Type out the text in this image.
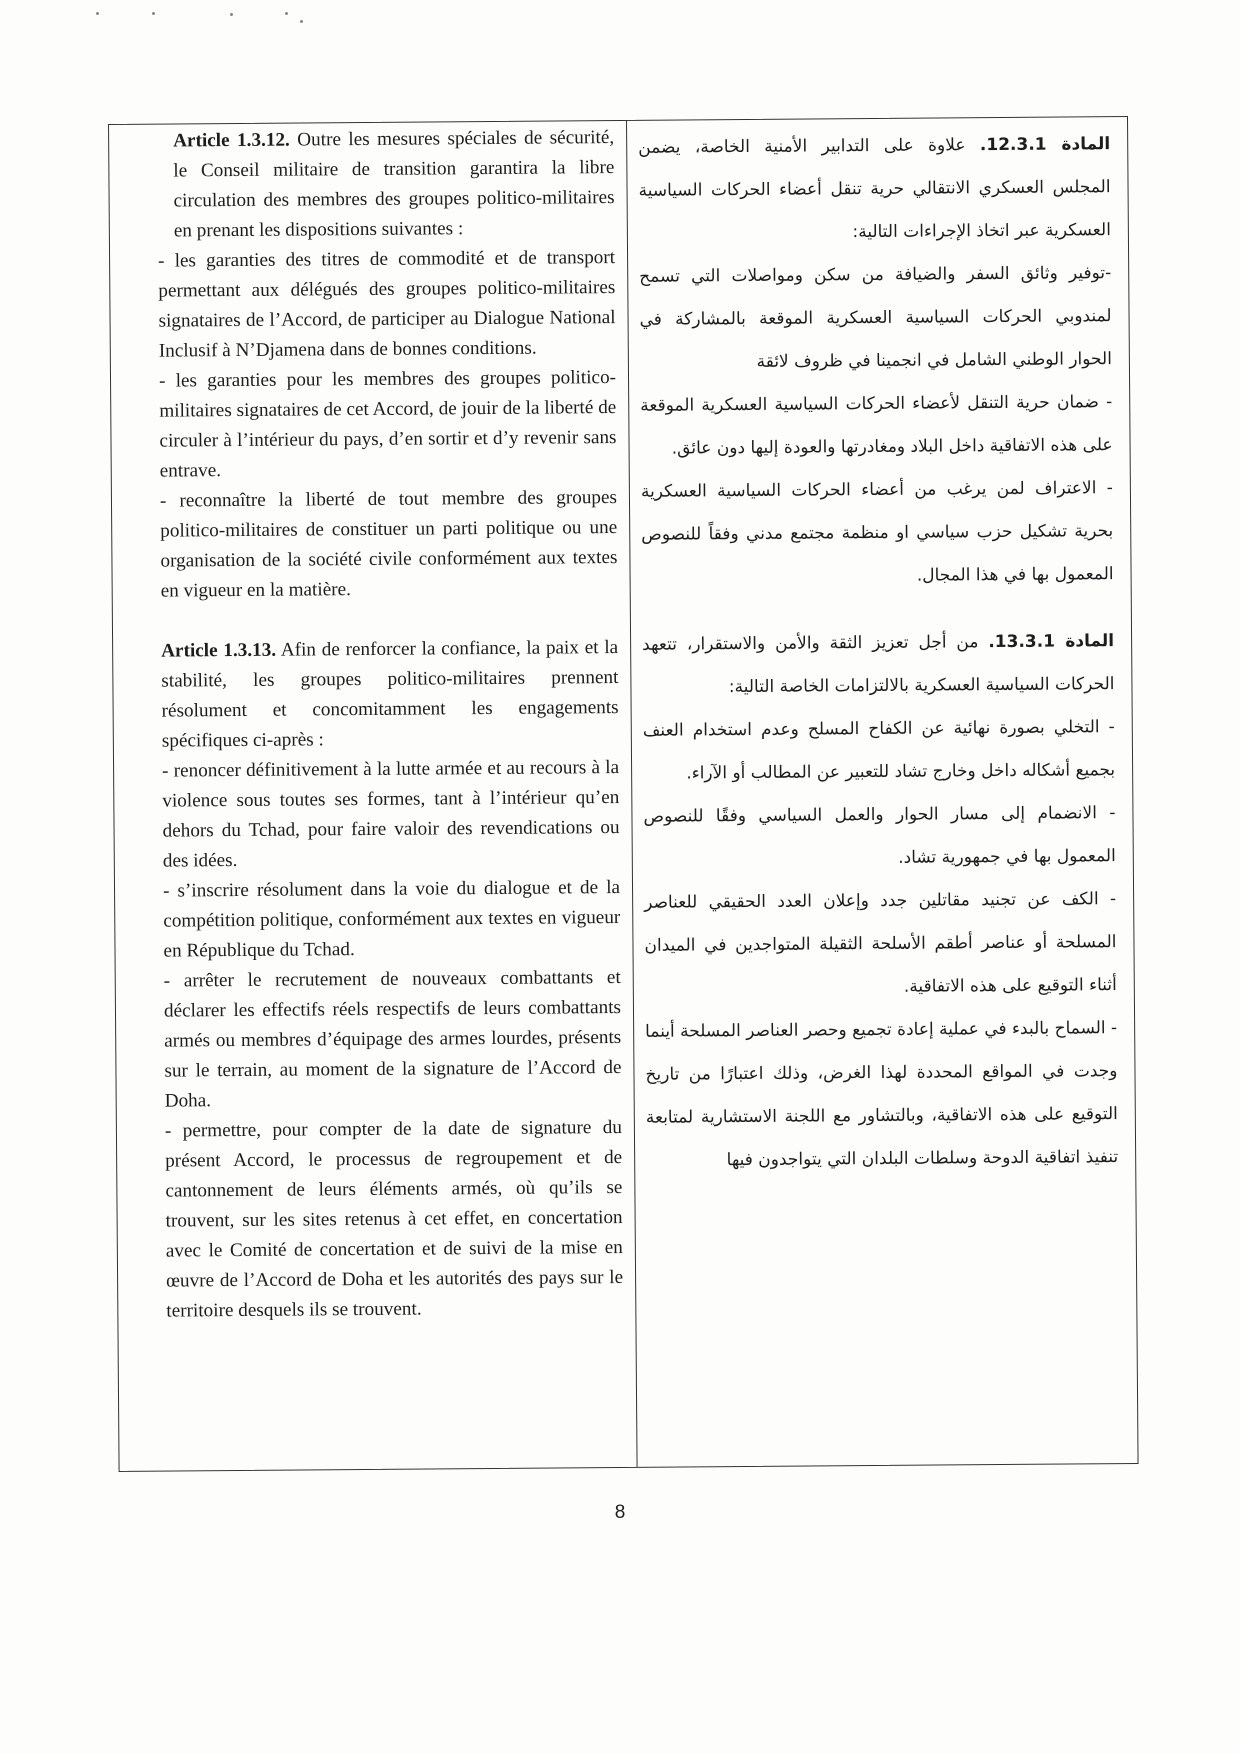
Article 1.3.12. Outre les mesures spéciales de sécurité, le Conseil militaire de transition garantira la libre circulation des membres des groupes politico-militaires en prenant les dispositions suivantes :

- les garanties des titres de commodité et de transport permettant aux délégués des groupes politico-militaires signataires de l’Accord, de participer au Dialogue National Inclusif à N’Djamena dans de bonnes conditions.

- les garanties pour les membres des groupes politico-militaires signataires de cet Accord, de jouir de la liberté de circuler à l’intérieur du pays, d’en sortir et d’y revenir sans entrave.

- reconnaître la liberté de tout membre des groupes politico-militaires de constituer un parti politique ou une organisation de la société civile conformément aux textes en vigueur en la matière.

Article 1.3.13. Afin de renforcer la confiance, la paix et la stabilité, les groupes politico-militaires prennent résolument et concomitamment les engagements spécifiques ci-après :

- renoncer définitivement à la lutte armée et au recours à la violence sous toutes ses formes, tant à l’intérieur qu’en dehors du Tchad, pour faire valoir des revendications ou des idées.

- s’inscrire résolument dans la voie du dialogue et de la compétition politique, conformément aux textes en vigueur en République du Tchad.

- arrêter le recrutement de nouveaux combattants et déclarer les effectifs réels respectifs de leurs combattants armés ou membres d’équipage des armes lourdes, présents sur le terrain, au moment de la signature de l’Accord de Doha.

- permettre, pour compter de la date de signature du présent Accord, le processus de regroupement et de cantonnement de leurs éléments armés, où qu’ils se trouvent, sur les sites retenus à cet effet, en concertation avec le Comité de concertation et de suivi de la mise en œuvre de l’Accord de Doha et les autorités des pays sur le territoire desquels ils se trouvent.

المادة 12.3.1. علاوة على التدابير الأمنية الخاصة، يضمن المجلس العسكري الانتقالي حرية تنقل أعضاء الحركات السياسية العسكرية عبر اتخاذ الإجراءات التالية:

-توفير وثائق السفر والضيافة من سكن ومواصلات التي تسمح لمندوبي الحركات السياسية العسكرية الموقعة بالمشاركة في الحوار الوطني الشامل في انجمينا في ظروف لائقة

- ضمان حرية التنقل لأعضاء الحركات السياسية العسكرية الموقعة على هذه الاتفاقية داخل البلاد ومغادرتها والعودة إليها دون عائق.

- الاعتراف لمن يرغب من أعضاء الحركات السياسية العسكرية بحرية تشكيل حزب سياسي او منظمة مجتمع مدني وفقاً للنصوص المعمول بها في هذا المجال.

المادة 13.3.1. من أجل تعزيز الثقة والأمن والاستقرار، تتعهد الحركات السياسية العسكرية بالالتزامات الخاصة التالية:

- التخلي بصورة نهائية عن الكفاح المسلح وعدم استخدام العنف بجميع أشكاله داخل وخارج تشاد للتعبير عن المطالب أو الآراء.

- الانضمام إلى مسار الحوار والعمل السياسي وفقًا للنصوص المعمول بها في جمهورية تشاد.

- الكف عن تجنيد مقاتلين جدد وإعلان العدد الحقيقي للعناصر المسلحة أو عناصر أطقم الأسلحة الثقيلة المتواجدين في الميدان أثناء التوقيع على هذه الاتفاقية.

- السماح بالبدء في عملية إعادة تجميع وحصر العناصر المسلحة أينما وجدت في المواقع المحددة لهذا الغرض، وذلك اعتبارًا من تاريخ التوقيع على هذه الاتفاقية، وبالتشاور مع اللجنة الاستشارية لمتابعة تنفيذ اتفاقية الدوحة وسلطات البلدان التي يتواجدون فيها

8
